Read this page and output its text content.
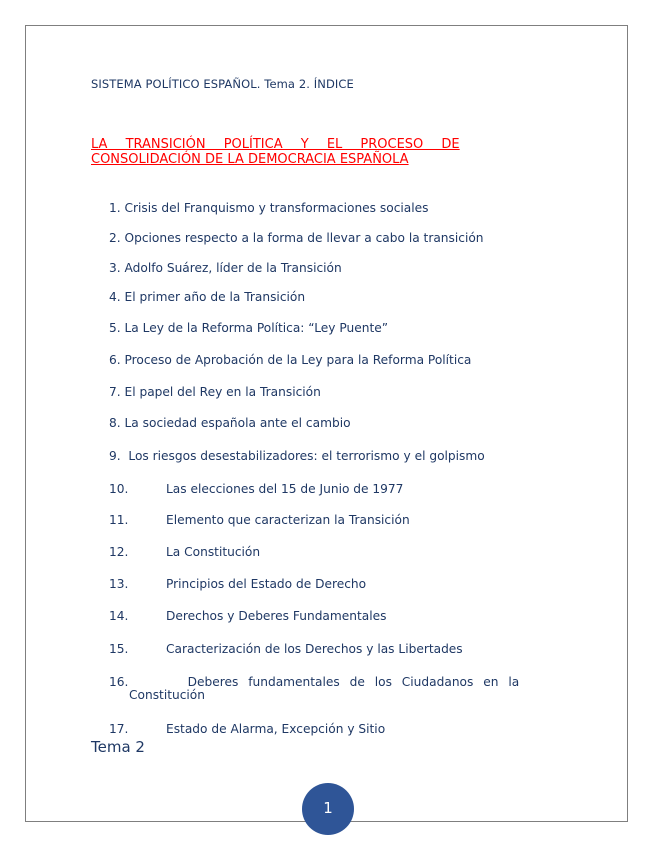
SISTEMA POLÍTICO ESPAÑOL. Tema 2. ÍNDICE
LA TRANSICIÓN POLÍTICA Y EL PROCESO DE
CONSOLIDACIÓN DE LA DEMOCRACIA ESPAÑOLA
1. Crisis del Franquismo y transformaciones sociales
2. Opciones respecto a la forma de llevar a cabo la transición
3. Adolfo Suárez, líder de la Transición
4. El primer año de la Transición
5. La Ley de la Reforma Política: “Ley Puente”
6. Proceso de Aprobación de la Ley para la Reforma Política
7. El papel del Rey en la Transición
8. La sociedad española ante el cambio
9. Los riesgos desestabilizadores: el terrorismo y el golpismo
10.	Las elecciones del 15 de Junio de 1977
11.	Elemento que caracterizan la Transición
12.	La Constitución
13.	Principios del Estado de Derecho
14.	Derechos y Deberes Fundamentales
15.	Caracterización de los Derechos y las Libertades
16.	Deberes fundamentales de los Ciudadanos en la
Constitución
17.	Estado de Alarma, Excepción y Sitio
Tema 2
1
